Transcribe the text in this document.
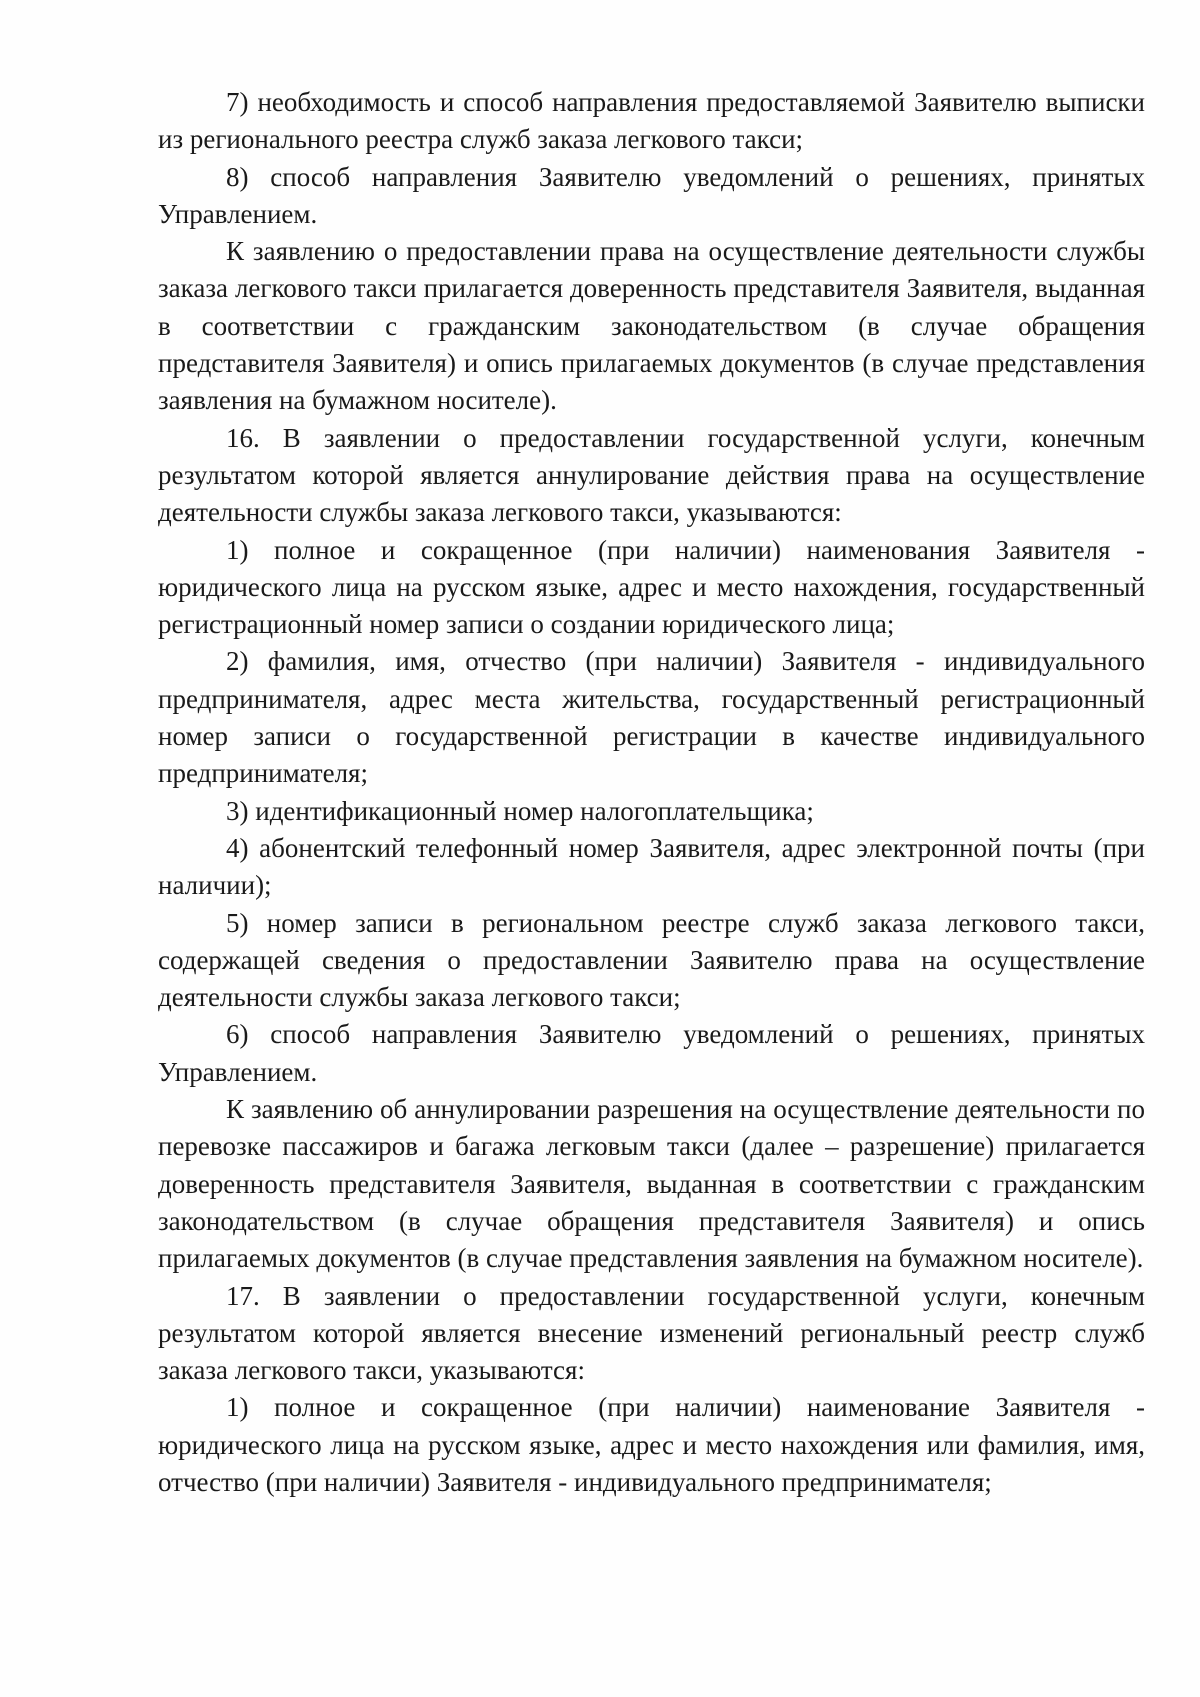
7) необходимость и способ направления предоставляемой Заявителю выписки из регионального реестра служб заказа легкового такси;

8) способ направления Заявителю уведомлений о решениях, принятых Управлением.

К заявлению о предоставлении права на осуществление деятельности службы заказа легкового такси прилагается доверенность представителя Заявителя, выданная в соответствии с гражданским законодательством (в случае обращения представителя Заявителя) и опись прилагаемых документов (в случае представления заявления на бумажном носителе).

16. В заявлении о предоставлении государственной услуги, конечным результатом которой является аннулирование действия права на осуществление деятельности службы заказа легкового такси, указываются:

1) полное и сокращенное (при наличии) наименования Заявителя - юридического лица на русском языке, адрес и место нахождения, государственный регистрационный номер записи о создании юридического лица;

2) фамилия, имя, отчество (при наличии) Заявителя - индивидуального предпринимателя, адрес места жительства, государственный регистрационный номер записи о государственной регистрации в качестве индивидуального предпринимателя;

3) идентификационный номер налогоплательщика;

4) абонентский телефонный номер Заявителя, адрес электронной почты (при наличии);

5) номер записи в региональном реестре служб заказа легкового такси, содержащей сведения о предоставлении Заявителю права на осуществление деятельности службы заказа легкового такси;

6) способ направления Заявителю уведомлений о решениях, принятых Управлением.

К заявлению об аннулировании разрешения на осуществление деятельности по перевозке пассажиров и багажа легковым такси (далее – разрешение) прилагается доверенность представителя Заявителя, выданная в соответствии с гражданским законодательством (в случае обращения представителя Заявителя) и опись прилагаемых документов (в случае представления заявления на бумажном носителе).

17. В заявлении о предоставлении государственной услуги, конечным результатом которой является внесение изменений региональный реестр служб заказа легкового такси, указываются:

1) полное и сокращенное (при наличии) наименование Заявителя - юридического лица на русском языке, адрес и место нахождения или фамилия, имя, отчество (при наличии) Заявителя - индивидуального предпринимателя;
